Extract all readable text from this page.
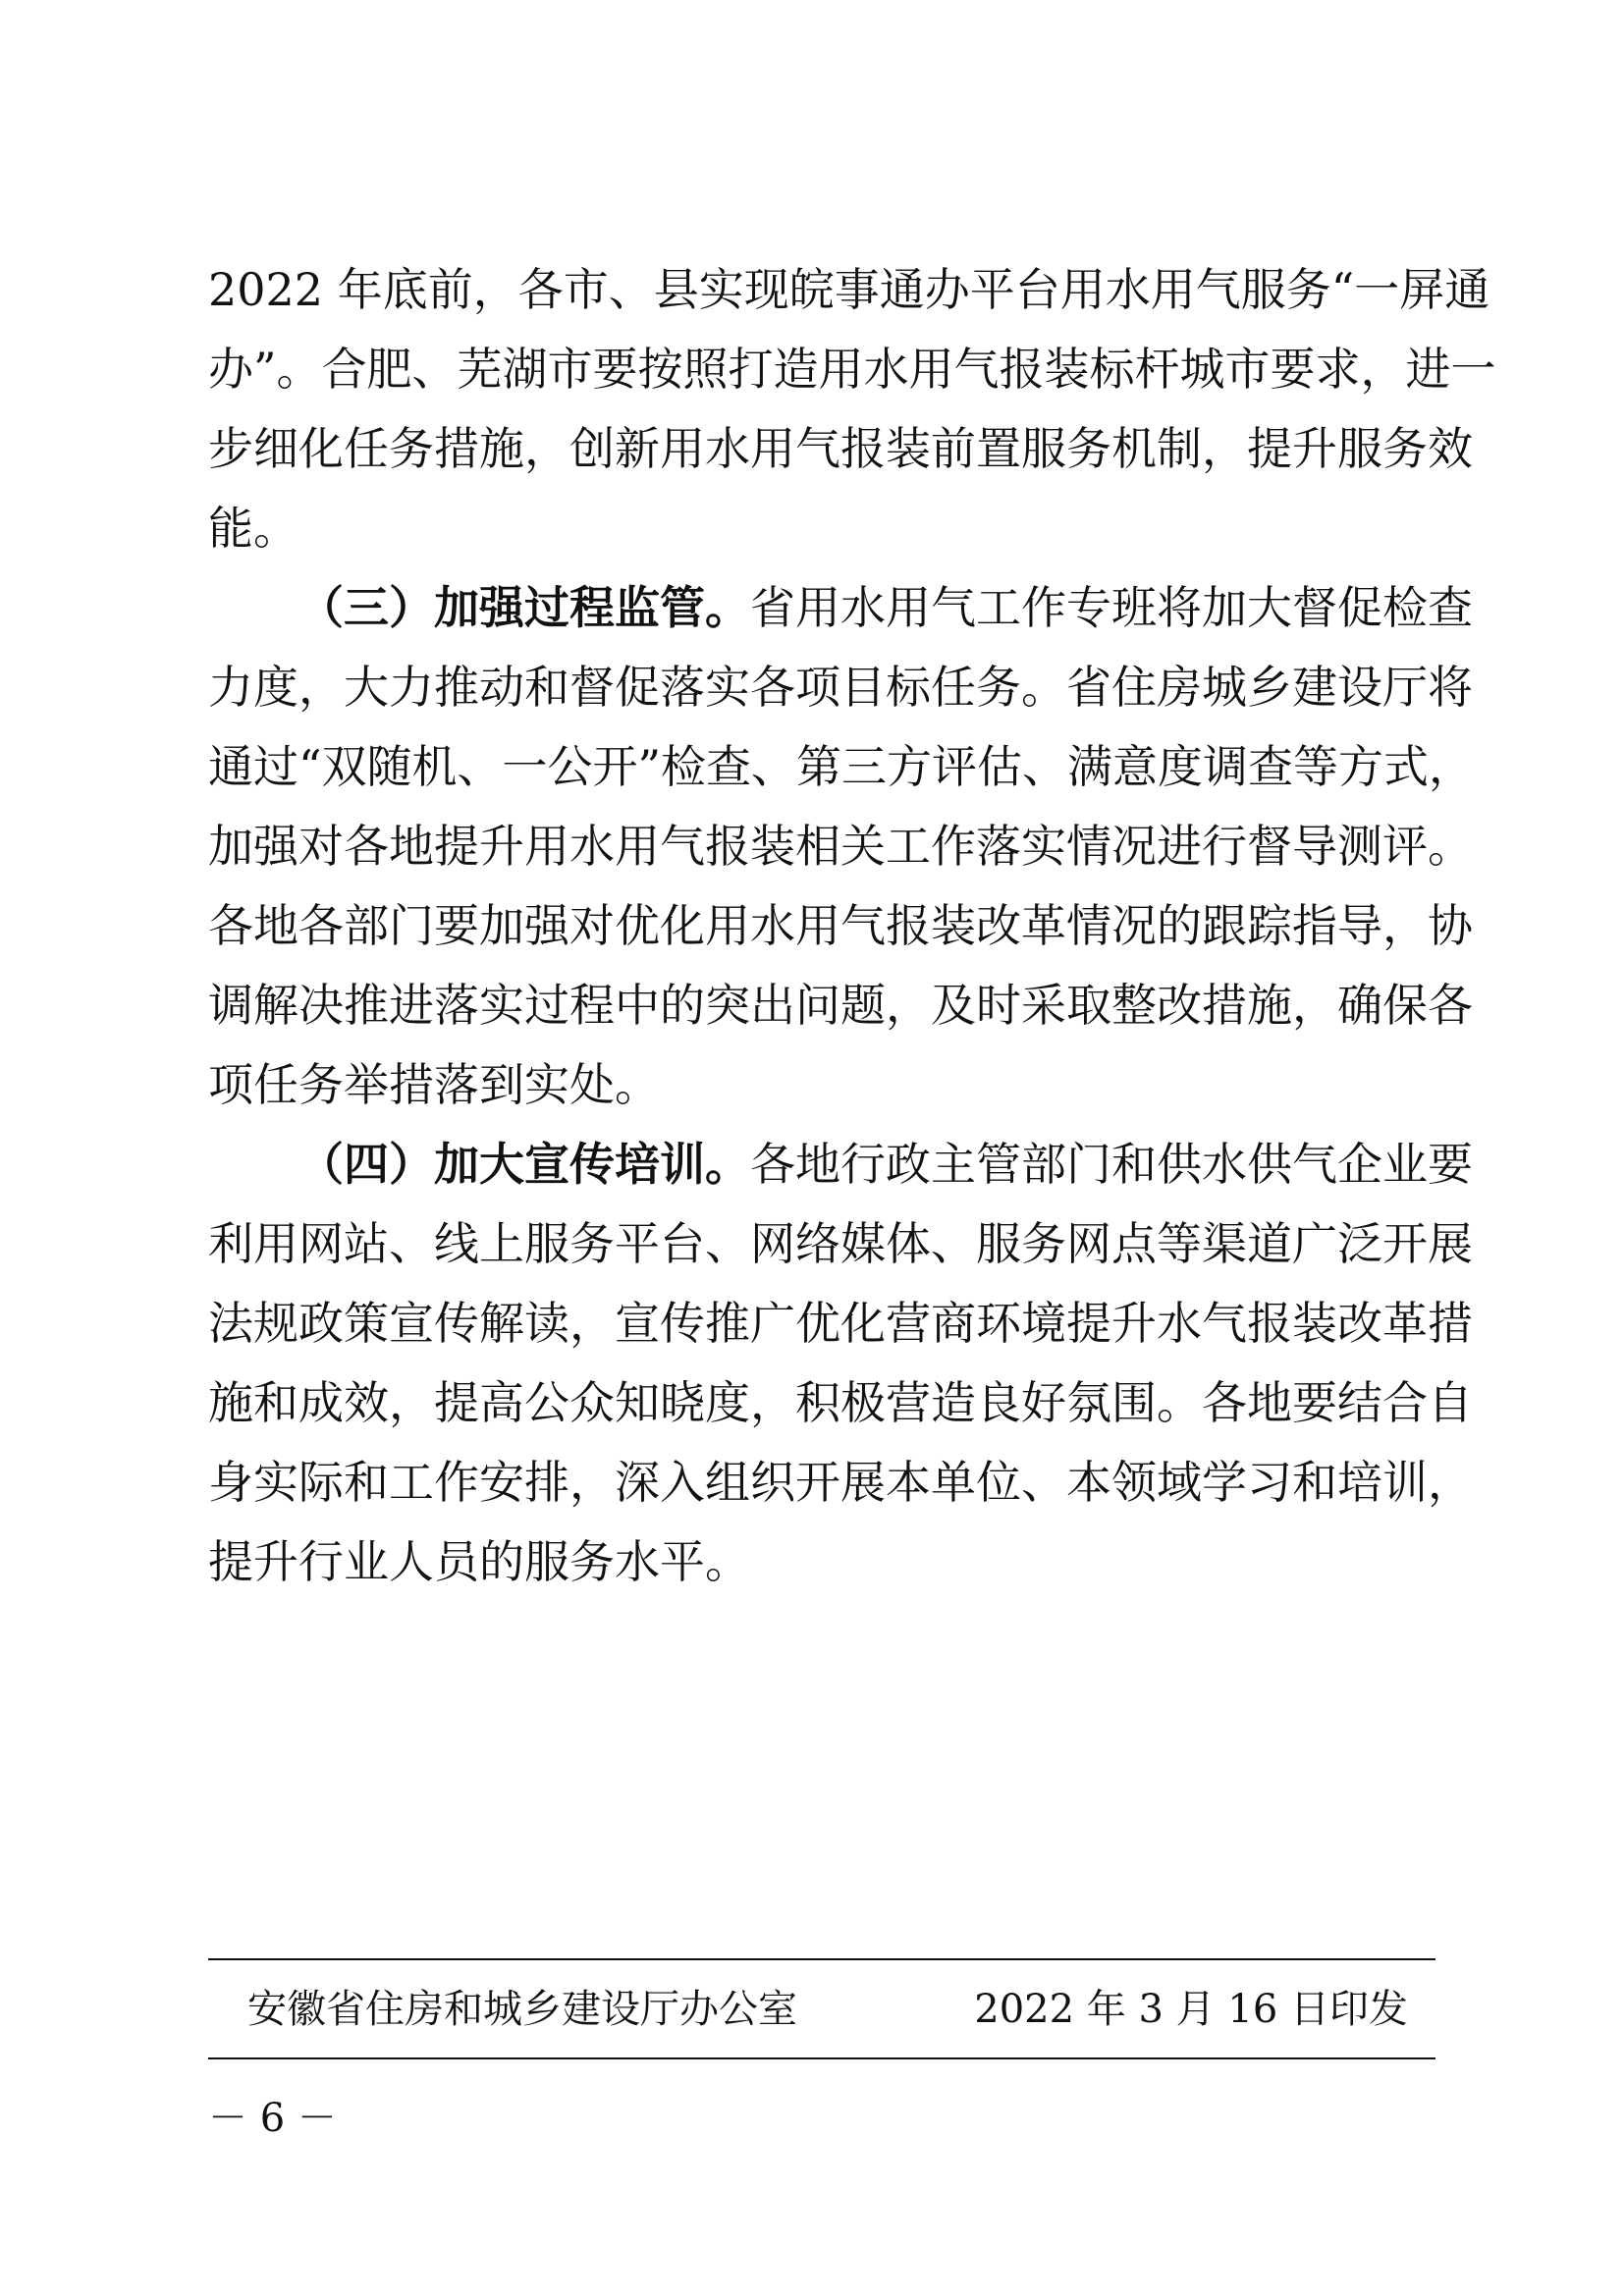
2022 年底前，各市、县实现皖事通办平台用水用气服务“一屏通
办”。合肥、芜湖市要按照打造用水用气报装标杆城市要求，进一
步细化任务措施，创新用水用气报装前置服务机制，提升服务效
能。
（三）加强过程监管。省用水用气工作专班将加大督促检查
力度，大力推动和督促落实各项目标任务。省住房城乡建设厅将
通过“双随机、一公开”检查、第三方评估、满意度调查等方式，
加强对各地提升用水用气报装相关工作落实情况进行督导测评。
各地各部门要加强对优化用水用气报装改革情况的跟踪指导，协
调解决推进落实过程中的突出问题，及时采取整改措施，确保各
项任务举措落到实处。
（四）加大宣传培训。各地行政主管部门和供水供气企业要
利用网站、线上服务平台、网络媒体、服务网点等渠道广泛开展
法规政策宣传解读，宣传推广优化营商环境提升水气报装改革措
施和成效，提高公众知晓度，积极营造良好氛围。各地要结合自
身实际和工作安排，深入组织开展本单位、本领域学习和培训，
提升行业人员的服务水平。
安徽省住房和城乡建设厅办公室	2022 年 3 月 16 日印发
－ 6 －
